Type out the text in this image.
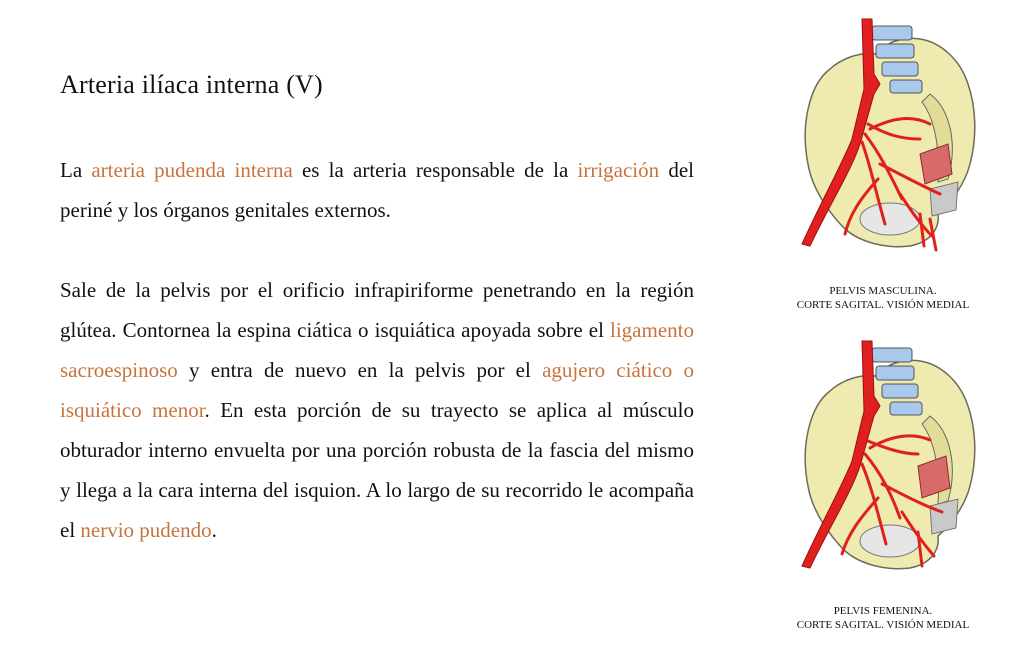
Arteria ilíaca interna (V)

La arteria pudenda interna es la arteria responsable de la irrigación del periné y los órganos genitales externos.

Sale de la pelvis por el orificio infrapiriforme penetrando en la región glútea. Contornea la espina ciática o isquiática apoyada sobre el ligamento sacroespinoso y entra de nuevo en la pelvis por el agujero ciático o isquiático menor. En esta porción de su trayecto se aplica al músculo obturador interno envuelta por una porción robusta de la fascia del mismo y llega a la cara interna del isquion. A lo largo de su recorrido le acompaña el nervio pudendo.

PELVIS MASCULINA.
CORTE SAGITAL. VISIÓN MEDIAL
PELVIS FEMENINA.
CORTE SAGITAL. VISIÓN MEDIAL
